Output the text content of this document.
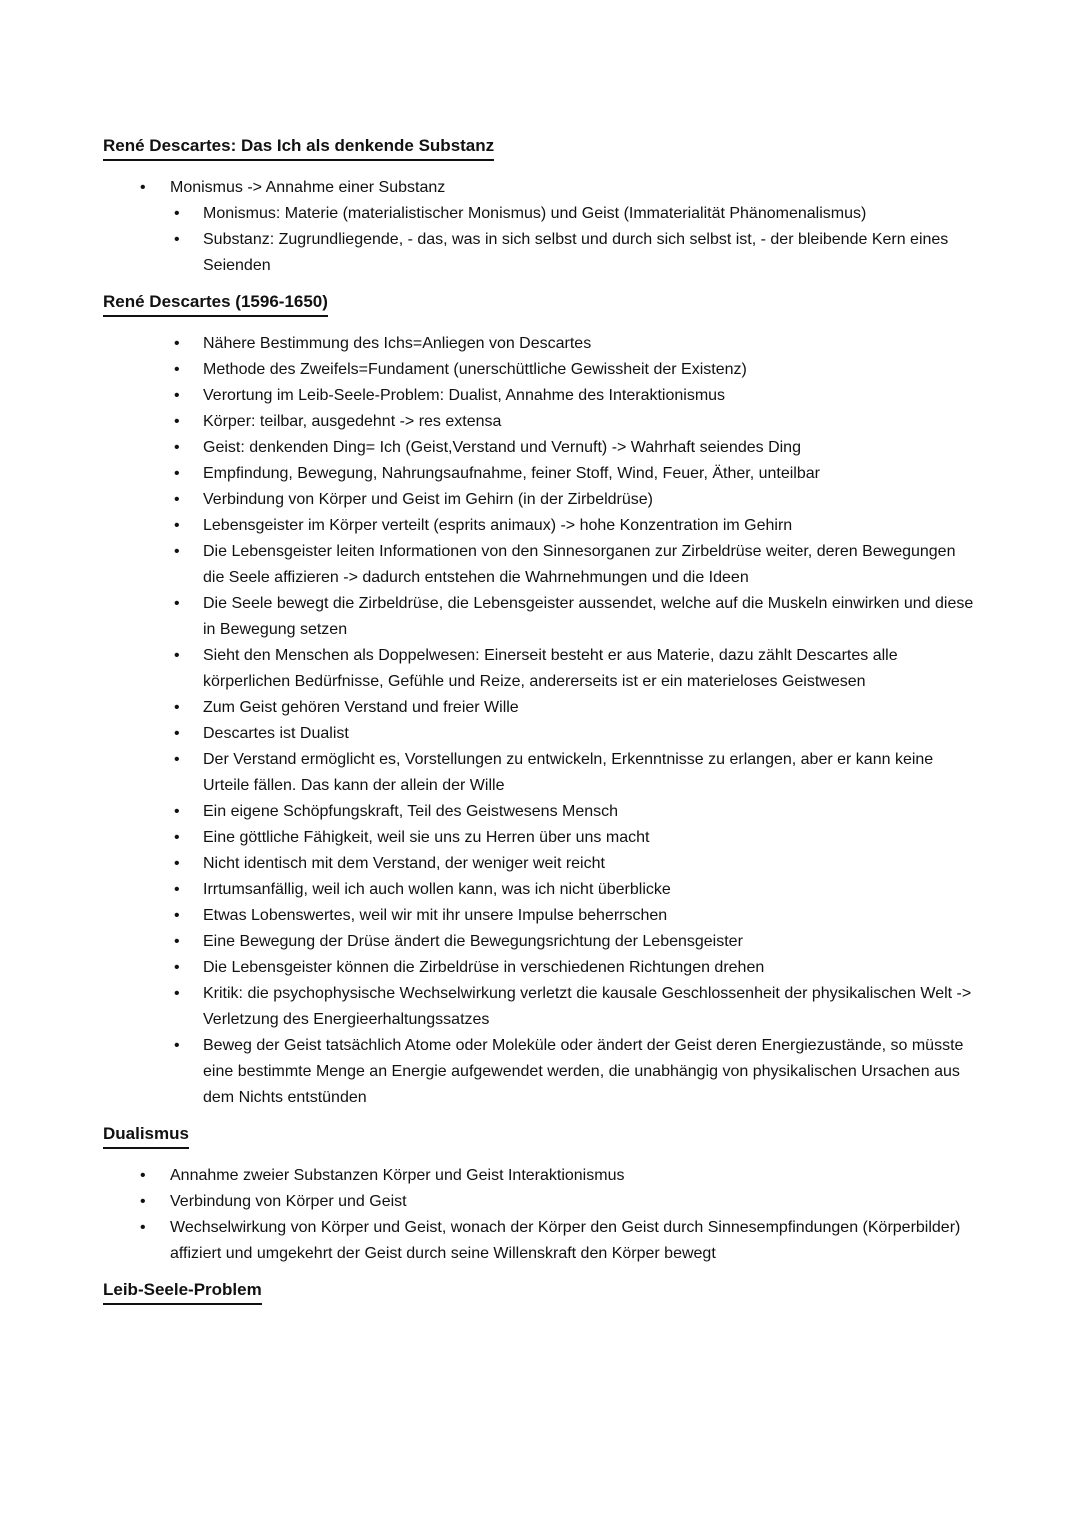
René Descartes: Das Ich als denkende Substanz
•	Monismus -> Annahme einer Substanz
•	Monismus: Materie (materialistischer Monismus) und Geist (Immaterialität Phänomenalismus)
•	Substanz: Zugrundliegende, - das, was in sich selbst und durch sich selbst ist, - der bleibende Kern eines Seienden
René Descartes (1596-1650)
•	Nähere Bestimmung des Ichs=Anliegen von Descartes
•	Methode des Zweifels=Fundament (unerschüttliche Gewissheit der Existenz)
•	Verortung im Leib-Seele-Problem: Dualist, Annahme des Interaktionismus
•	Körper: teilbar, ausgedehnt -> res extensa
•	Geist: denkenden Ding= Ich (Geist,Verstand und Vernuft) -> Wahrhaft seiendes Ding
•	Empfindung, Bewegung, Nahrungsaufnahme, feiner Stoff, Wind, Feuer, Äther, unteilbar
•	Verbindung von Körper und Geist im Gehirn (in der Zirbeldrüse)
•	Lebensgeister im Körper verteilt (esprits animaux) -> hohe Konzentration im Gehirn
•	Die Lebensgeister leiten Informationen von den Sinnesorganen zur Zirbeldrüse weiter, deren Bewegungen die Seele affizieren -> dadurch entstehen die Wahrnehmungen und die Ideen
•	Die Seele bewegt die Zirbeldrüse, die Lebensgeister aussendet, welche auf die Muskeln einwirken und diese in Bewegung setzen
•	Sieht den Menschen als Doppelwesen: Einerseit besteht er aus Materie, dazu zählt Descartes alle körperlichen Bedürfnisse, Gefühle und Reize, andererseits ist er ein materieloses Geistwesen
•	Zum Geist gehören Verstand und freier Wille
•	Descartes ist Dualist
•	Der Verstand ermöglicht es, Vorstellungen zu entwickeln, Erkenntnisse zu erlangen, aber er kann keine Urteile fällen. Das kann der allein der Wille
•	Ein eigene Schöpfungskraft, Teil des Geistwesens Mensch
•	Eine göttliche Fähigkeit, weil sie uns zu Herren über uns macht
•	Nicht identisch mit dem Verstand, der weniger weit reicht
•	Irrtumsanfällig, weil ich auch wollen kann, was ich nicht überblicke
•	Etwas Lobenswertes, weil wir mit ihr unsere Impulse beherrschen
•	Eine Bewegung der Drüse ändert die Bewegungsrichtung der Lebensgeister
•	Die Lebensgeister können die Zirbeldrüse in verschiedenen Richtungen drehen
•	Kritik: die psychophysische Wechselwirkung verletzt die kausale Geschlossenheit der physikalischen Welt -> Verletzung des Energieerhaltungssatzes
•	Beweg der Geist tatsächlich Atome oder Moleküle oder ändert der Geist deren Energiezustände, so müsste eine bestimmte Menge an Energie aufgewendet werden, die unabhängig von physikalischen Ursachen aus dem Nichts entstünden
Dualismus
•	Annahme zweier Substanzen Körper und Geist Interaktionismus
•	Verbindung von Körper und Geist
•	Wechselwirkung von Körper und Geist, wonach der Körper den Geist durch Sinnesempfindungen (Körperbilder) affiziert und umgekehrt der Geist durch seine Willenskraft den Körper bewegt
Leib-Seele-Problem
